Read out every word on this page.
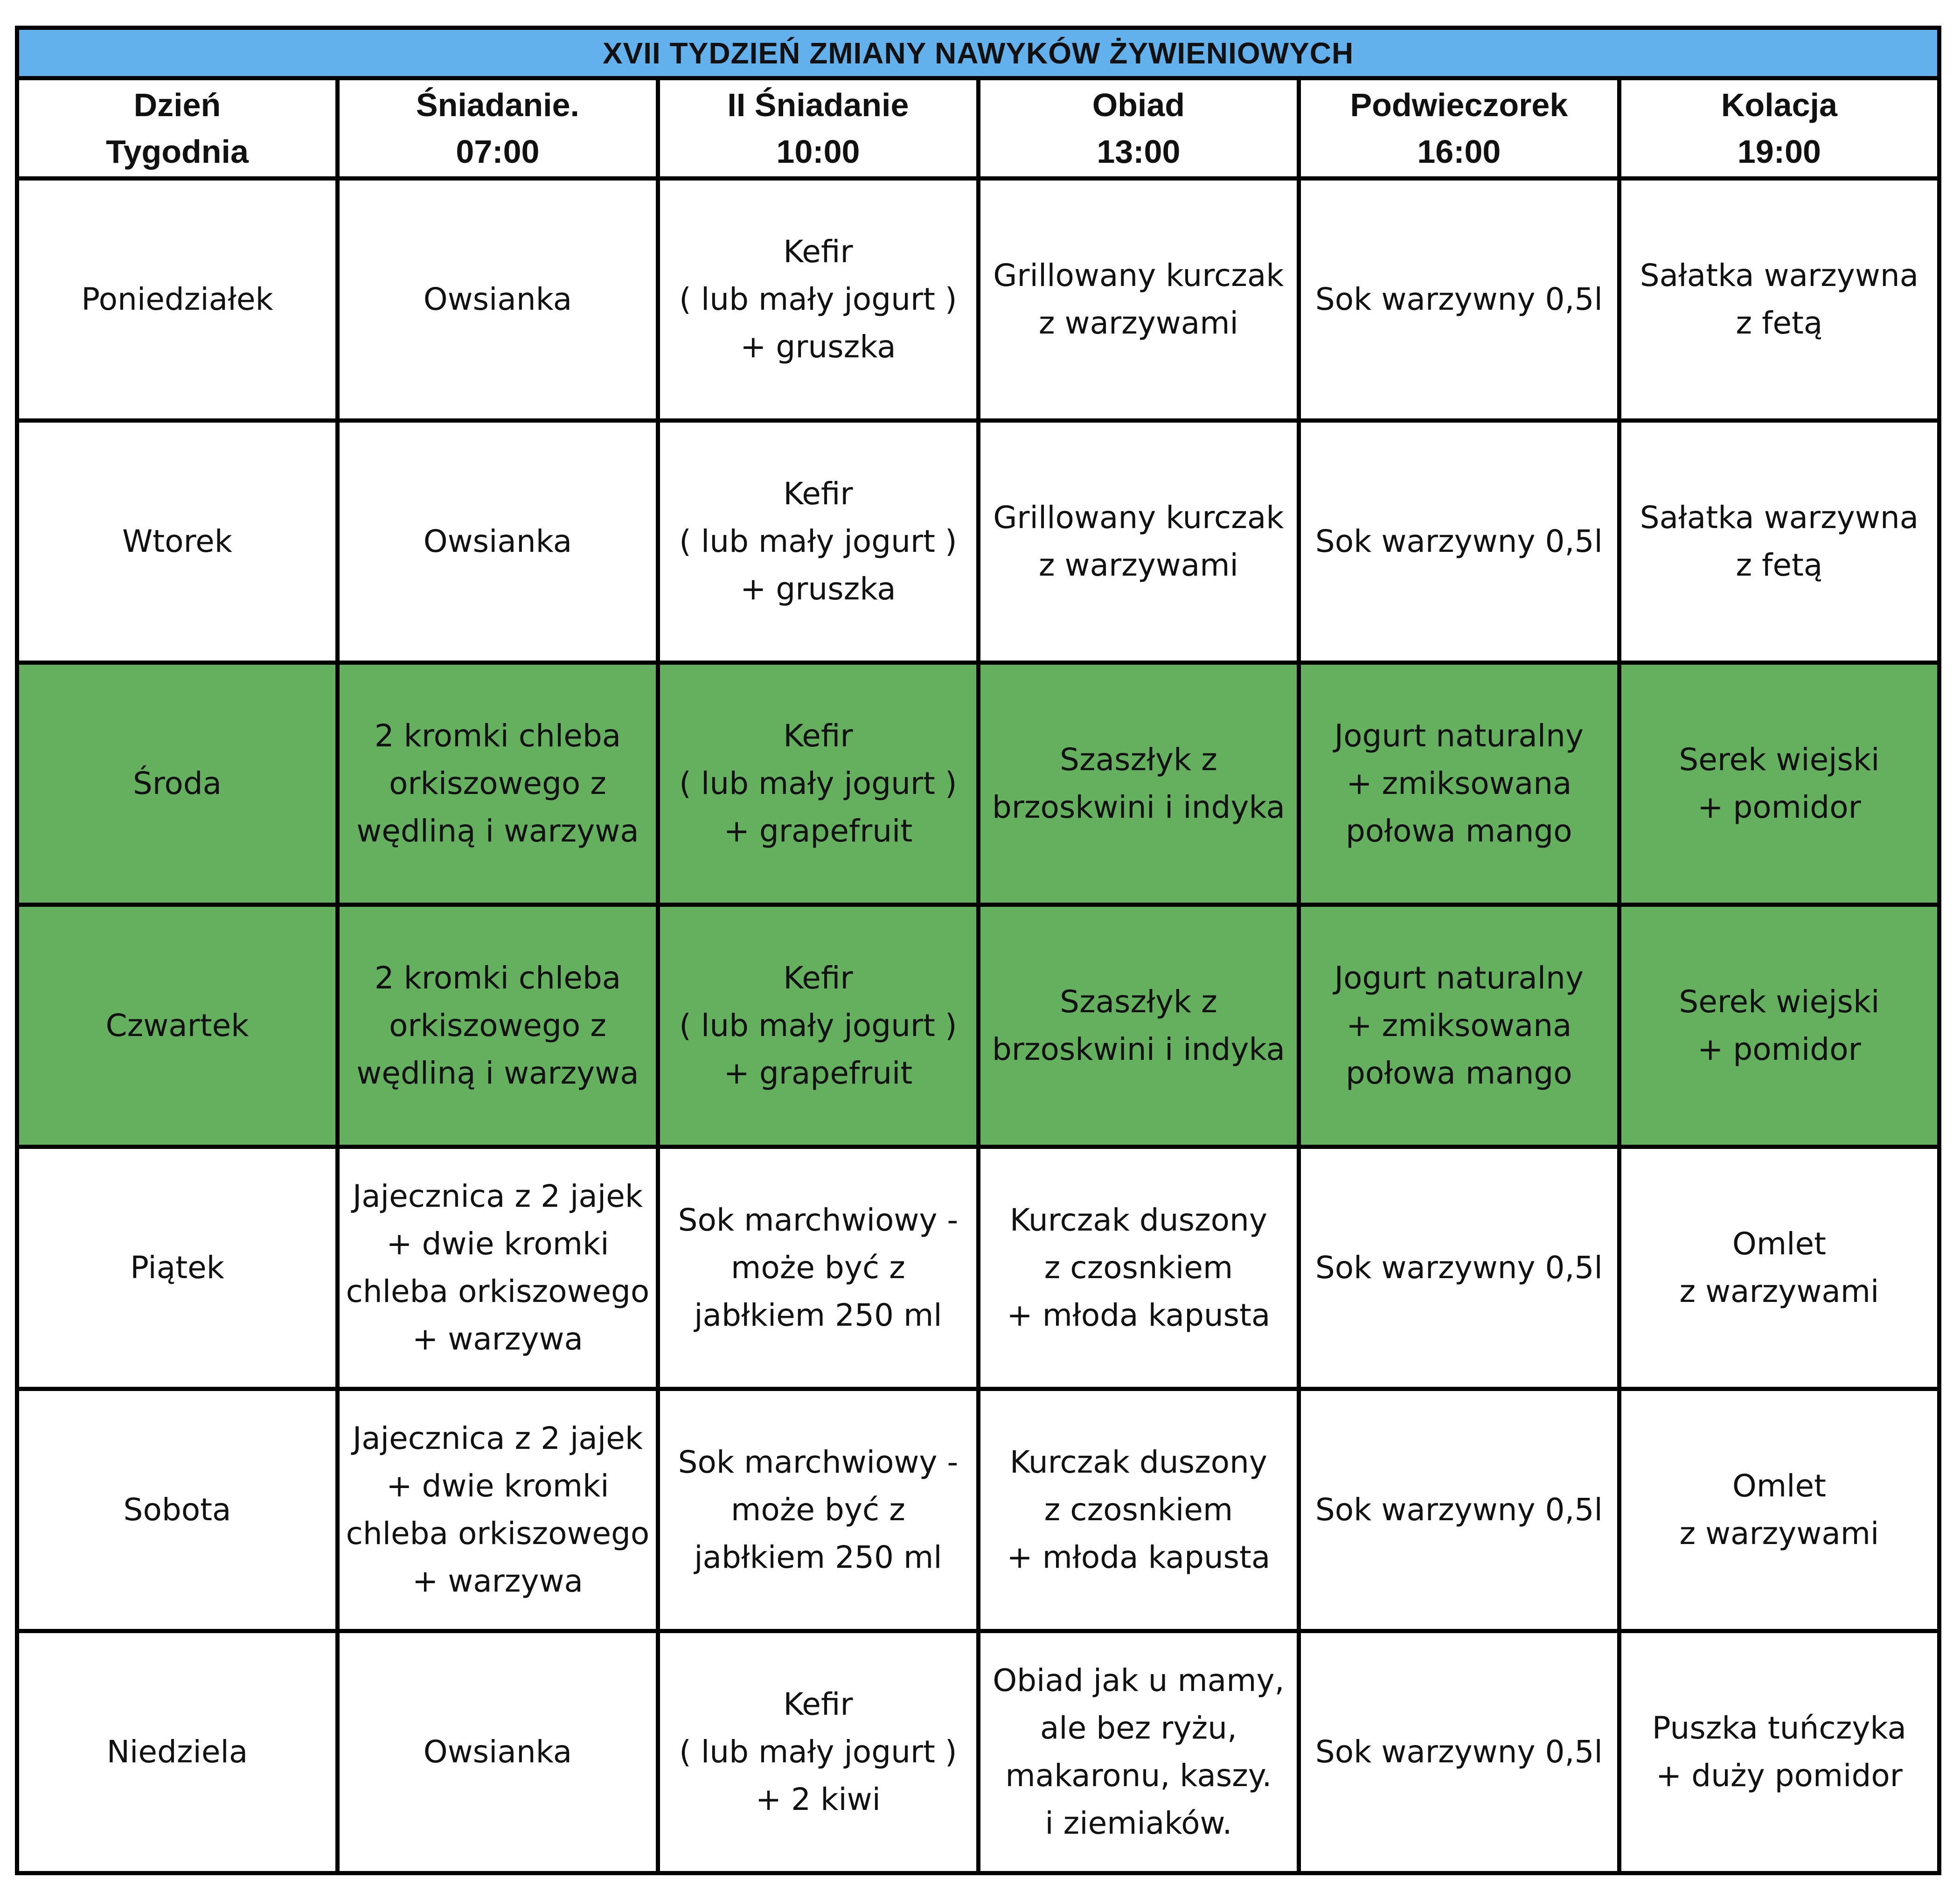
XVII TYDZIEŃ ZMIANY NAWYKÓW ŻYWIENIOWYCH					

Dzień
Tygodnia	Śniadanie.
07:00	II Śniadanie
10:00	Obiad
13:00	Podwieczorek
16:00	Kolacja
19:00

Poniedziałek	Owsianka	Kefir
( lub mały jogurt )
+ gruszka	Grillowany kurczak
z warzywami	Sok warzywny 0,5l	Sałatka warzywna
z fetą

Wtorek	Owsianka	Kefir
( lub mały jogurt )
+ gruszka	Grillowany kurczak
z warzywami	Sok warzywny 0,5l	Sałatka warzywna
z fetą

Środa	2 kromki chleba
orkiszowego z
wędliną i warzywa	Kefir
( lub mały jogurt )
+ grapefruit	Szaszłyk z
brzoskwini i indyka	Jogurt naturalny
+ zmiksowana
połowa mango	Serek wiejski
+ pomidor

Czwartek	2 kromki chleba
orkiszowego z
wędliną i warzywa	Kefir
( lub mały jogurt )
+ grapefruit	Szaszłyk z
brzoskwini i indyka	Jogurt naturalny
+ zmiksowana
połowa mango	Serek wiejski
+ pomidor

Piątek	Jajecznica z 2 jajek
+ dwie kromki
chleba orkiszowego
+ warzywa	Sok marchwiowy -
może być z
jabłkiem 250 ml	Kurczak duszony
z czosnkiem
+ młoda kapusta	Sok warzywny 0,5l	Omlet
z warzywami

Sobota	Jajecznica z 2 jajek
+ dwie kromki
chleba orkiszowego
+ warzywa	Sok marchwiowy -
może być z
jabłkiem 250 ml	Kurczak duszony
z czosnkiem
+ młoda kapusta	Sok warzywny 0,5l	Omlet
z warzywami

Niedziela	Owsianka	Kefir
( lub mały jogurt )
+ 2 kiwi	Obiad jak u mamy,
ale bez ryżu,
makaronu, kaszy.
i ziemiaków.	Sok warzywny 0,5l	Puszka tuńczyka
+ duży pomidor
